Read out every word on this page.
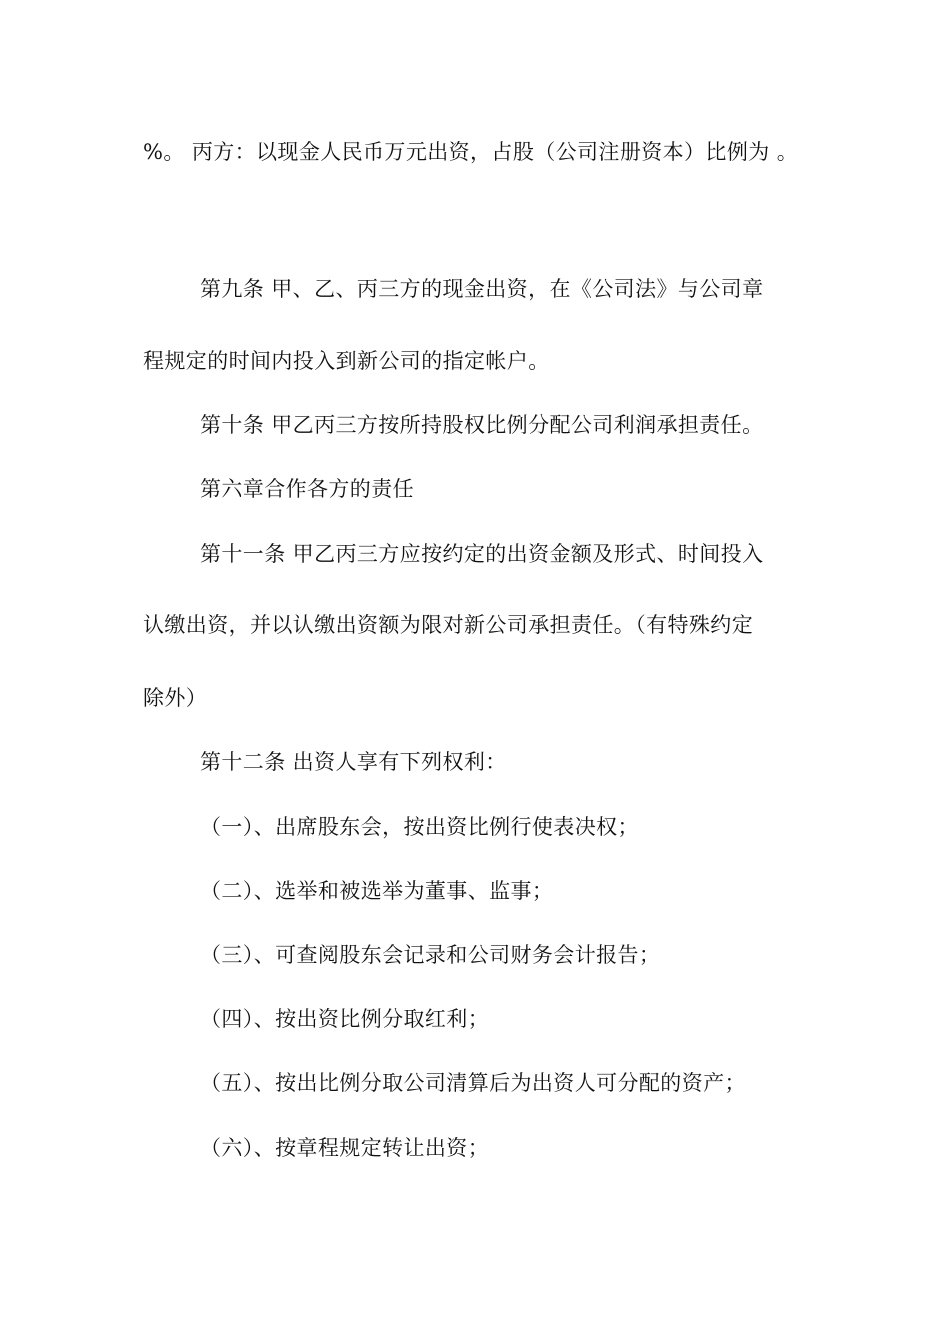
%。 丙方：以现金人民币万元出资，占股（公司注册资本）比例为 。
第九条 甲、乙、丙三方的现金出资，在《公司法》与公司章
程规定的时间内投入到新公司的指定帐户。
第十条 甲乙丙三方按所持股权比例分配公司利润承担责任。
第六章合作各方的责任
第十一条 甲乙丙三方应按约定的出资金额及形式、时间投入
认缴出资，并以认缴出资额为限对新公司承担责任。（有特殊约定
除外）
第十二条 出资人享有下列权利：
（一）、出席股东会，按出资比例行使表决权；
（二）、选举和被选举为董事、监事；
（三）、可查阅股东会记录和公司财务会计报告；
（四）、按出资比例分取红利；
（五）、按出比例分取公司清算后为出资人可分配的资产；
（六）、按章程规定转让出资；
